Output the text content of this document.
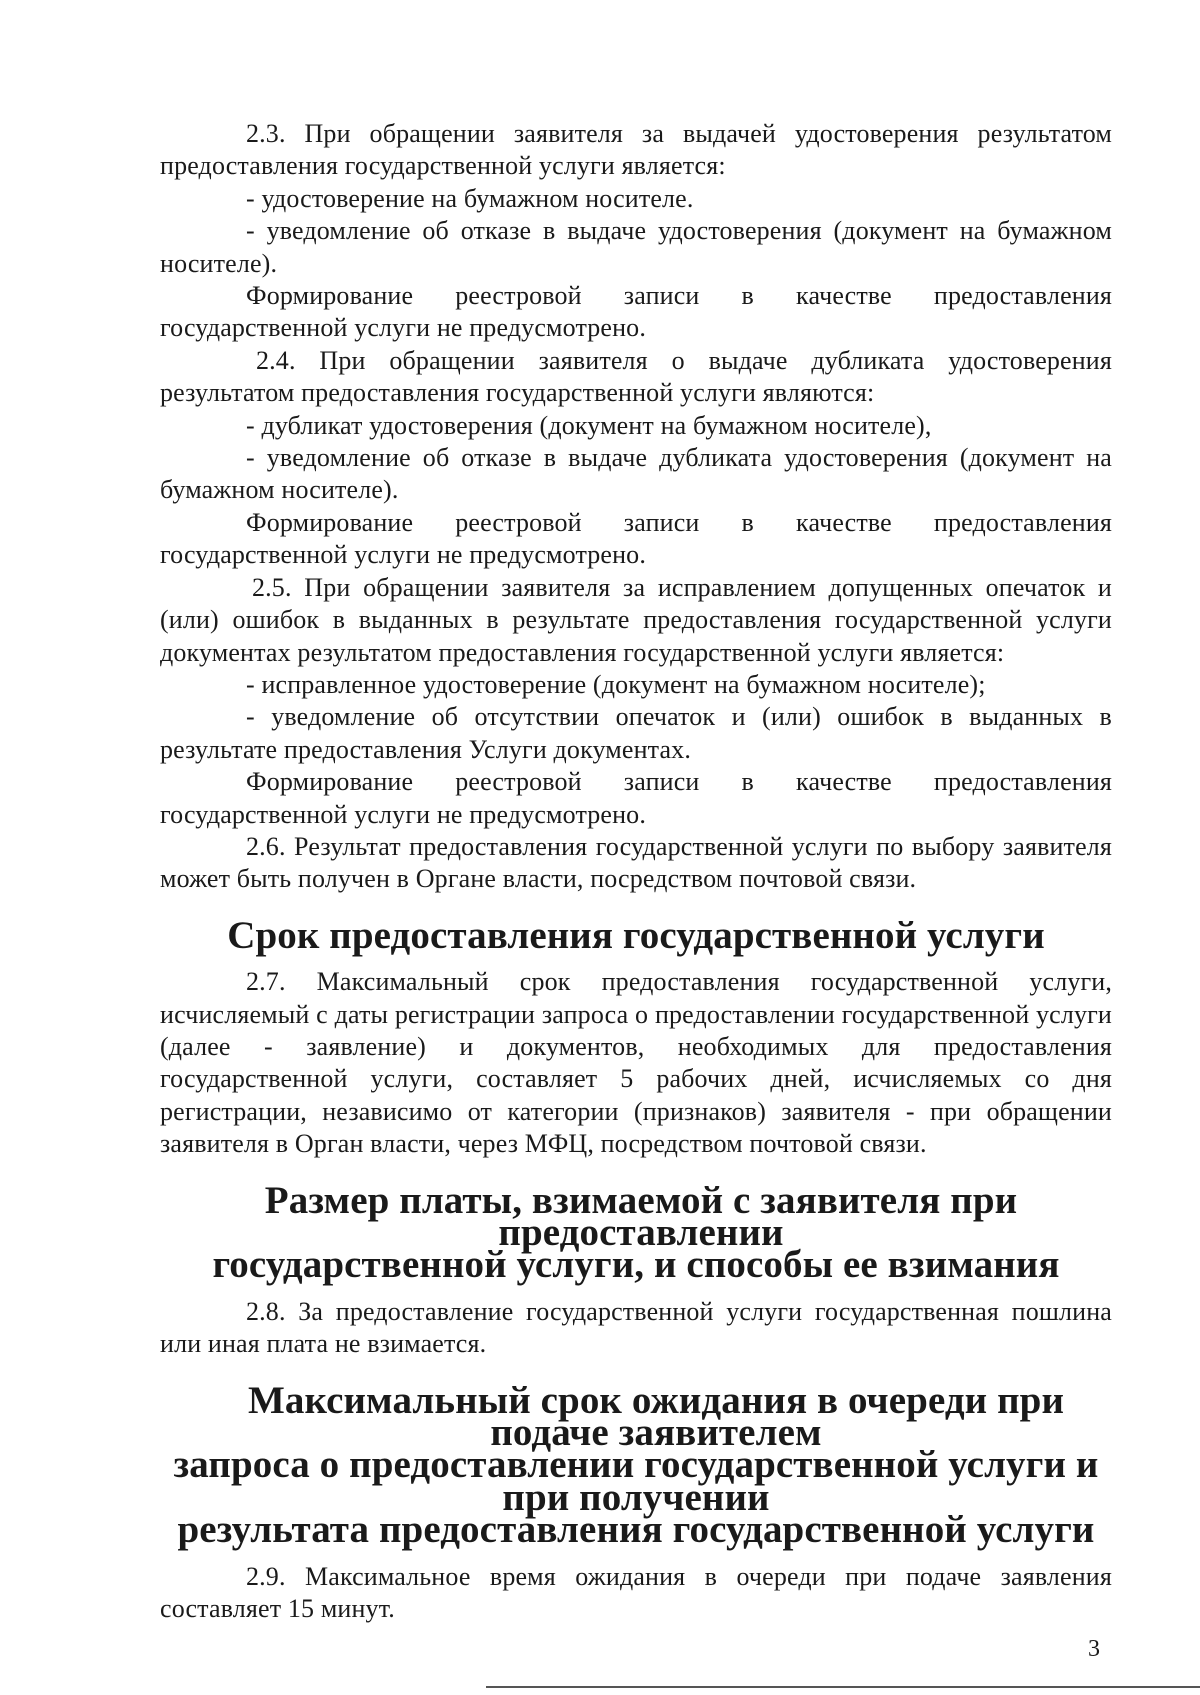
2.3. При обращении заявителя за выдачей удостоверения результатом предоставления государственной услуги является:

- удостоверение на бумажном носителе.

- уведомление об отказе в выдаче удостоверения (документ на бумажном носителе).

Формирование реестровой записи в качестве предоставления государственной услуги не предусмотрено.

2.4. При обращении заявителя о выдаче дубликата удостоверения результатом предоставления государственной услуги являются:

- дубликат удостоверения (документ на бумажном носителе),

- уведомление об отказе в выдаче дубликата удостоверения (документ на бумажном носителе).

Формирование реестровой записи в качестве предоставления государственной услуги не предусмотрено.

2.5. При обращении заявителя за исправлением допущенных опечаток и (или) ошибок в выданных в результате предоставления государственной услуги документах результатом предоставления государственной услуги является:

- исправленное удостоверение (документ на бумажном носителе);

- уведомление об отсутствии опечаток и (или) ошибок в выданных в результате предоставления Услуги документах.

Формирование реестровой записи в качестве предоставления государственной услуги не предусмотрено.

2.6. Результат предоставления государственной услуги по выбору заявителя может быть получен в Органе власти, посредством почтовой связи.

Срок предоставления государственной услуги

2.7. Максимальный срок предоставления государственной услуги, исчисляемый с даты регистрации запроса о предоставлении государственной услуги (далее - заявление) и документов, необходимых для предоставления государственной услуги, составляет 5 рабочих дней, исчисляемых со дня регистрации, независимо от категории (признаков) заявителя - при обращении заявителя в Орган власти, через МФЦ, посредством почтовой связи.

Размер платы, взимаемой с заявителя при предоставлении
государственной услуги, и способы ее взимания

2.8. За предоставление государственной услуги государственная пошлина или иная плата не взимается.

Максимальный срок ожидания в очереди при подаче заявителем
запроса о предоставлении государственной услуги и при получении
результата предоставления государственной услуги

2.9. Максимальное время ожидания в очереди при подаче заявления составляет 15 минут.

3
